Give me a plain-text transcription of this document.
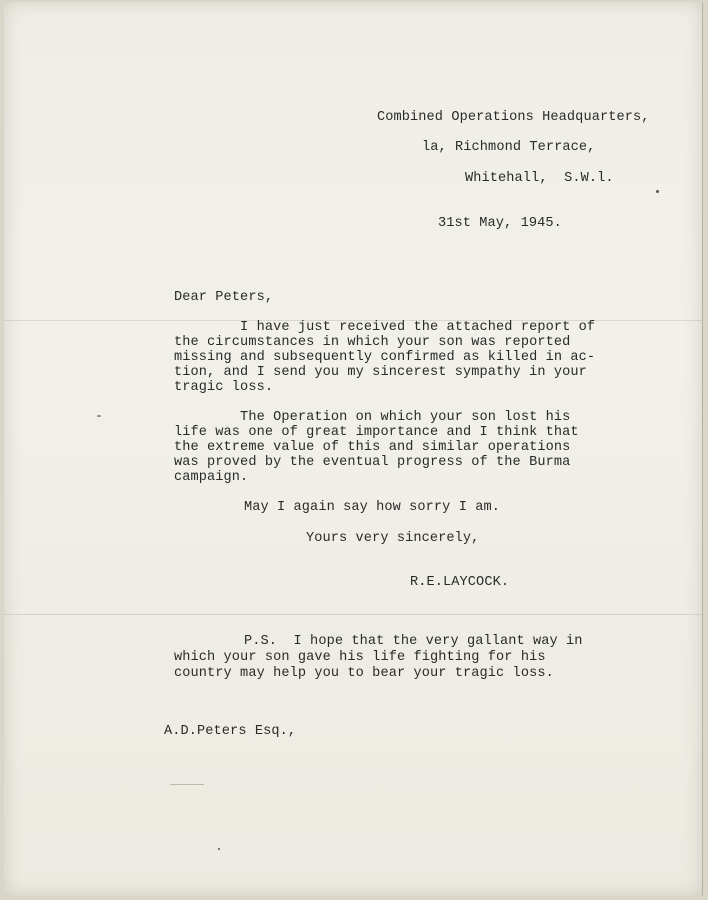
Combined Operations Headquarters,
la, Richmond Terrace,
Whitehall,  S.W.l.
31st May, 1945.
Dear Peters,
I have just received the attached report of
the circumstances in which your son was reported
missing and subsequently confirmed as killed in ac-
tion, and I send you my sincerest sympathy in your
tragic loss.
The Operation on which your son lost his
life was one of great importance and I think that
the extreme value of this and similar operations
was proved by the eventual progress of the Burma
campaign.
May I again say how sorry I am.
Yours very sincerely,
R.E.LAYCOCK.
P.S.  I hope that the very gallant way in
which your son gave his life fighting for his
country may help you to bear your tragic loss.
A.D.Peters Esq.,
